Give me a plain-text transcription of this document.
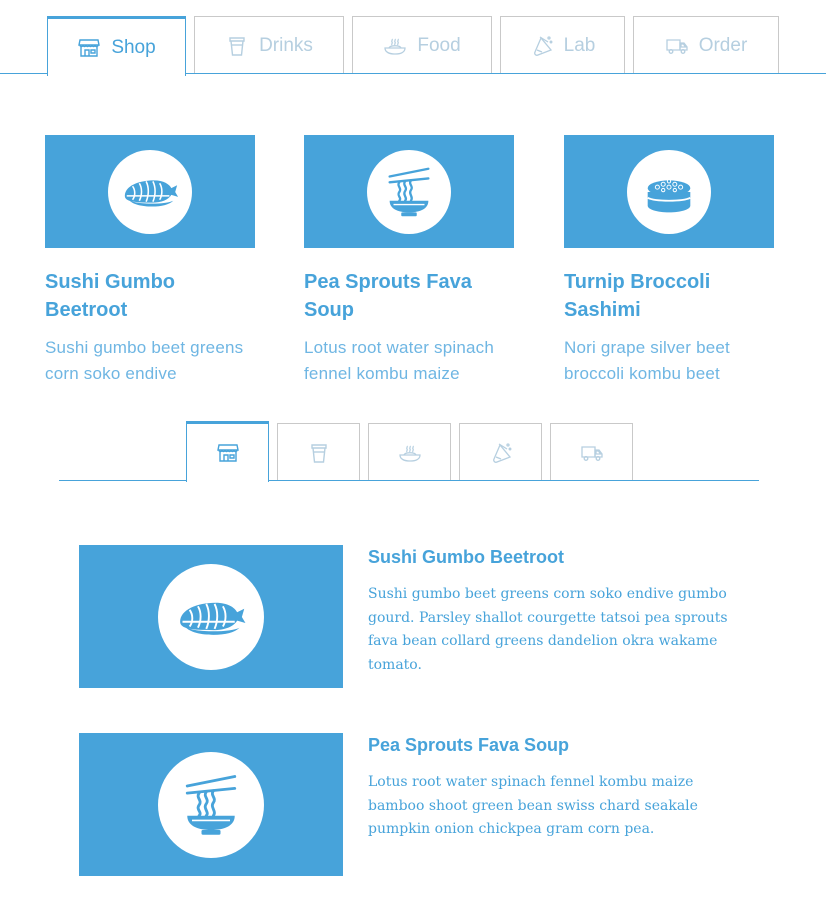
Shop	Drinks	Food	Lab	Order
Sushi Gumbo Beetroot

Sushi gumbo beet greens corn soko endive

Pea Sprouts Fava Soup

Lotus root water spinach fennel kombu maize

Turnip Broccoli Sashimi

Nori grape silver beet broccoli kombu beet

Sushi Gumbo Beetroot

Sushi gumbo beet greens corn soko endive gumbo gourd. Parsley shallot courgette tatsoi pea sprouts fava bean collard greens dandelion okra wakame tomato.

Pea Sprouts Fava Soup

Lotus root water spinach fennel kombu maize bamboo shoot green bean swiss chard seakale pumpkin onion chickpea gram corn pea.
